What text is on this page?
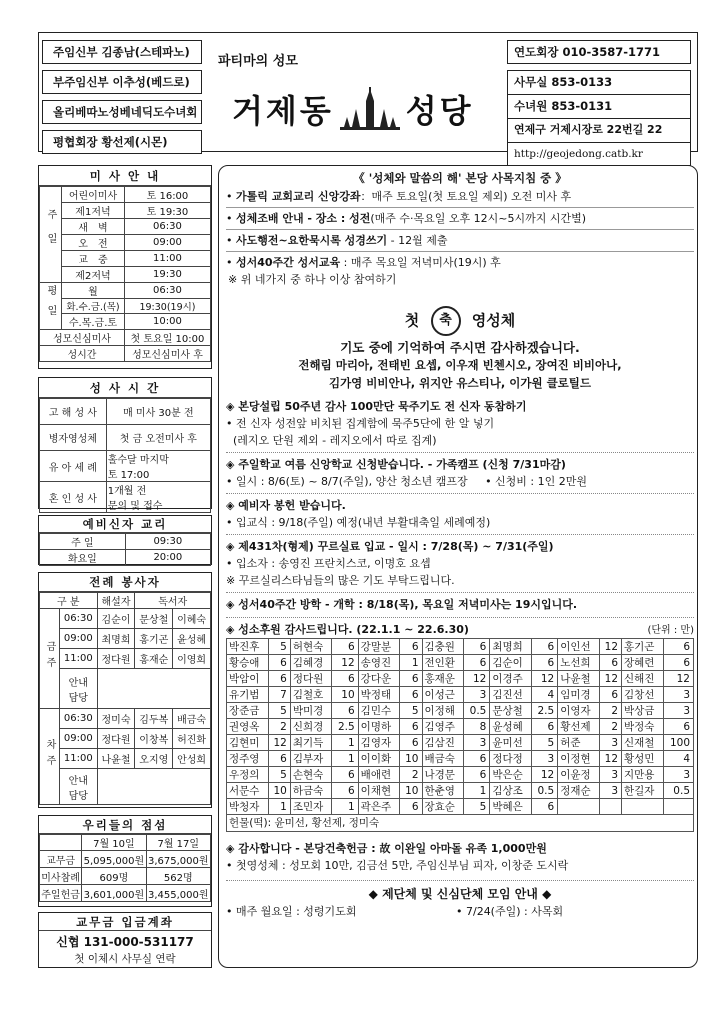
주임신부 김종남(스테파노)
부주임신부 이추성(베드로)
올리베따노성베네딕도수녀회
평협회장 황선제(시몬)
파티마의 성모
거제동 성당
연도회장 010-3587-1771
사무실 853-0133
수녀원 853-0131
연제구 거제시장로 22번길 22
http://geojedong.catb.kr
미 사 안 내
주일	어린이미사	토 16:00
	제1저녁	토 19:30
	새　벽	06:30
	오　전	09:00
	교　중	11:00
	제2저녁	19:30
평일	월	06:30
	화.수.금.(목)	19:30(19시)
	수.목.금.토	10:00
성모신심미사		첫 토요일 10:00
성시간		성모신심미사 후
성 사 시 간
고 해 성 사	매 미사 30분 전
병자영성체	첫 금 오전미사 후
유 아 세 례	홀수달 마지막
토 17:00
혼 인 성 사	1개월 전
문의 및 접수
예비신자 교리
주 일	09:30
화요일	20:00
전례 봉사자
구 분		해설자	독서자	
금주	06:30	김순이	문상철	이혜숙
	09:00	최명희	홍기곤	윤성혜
	11:00	정다원	홍재순	이영희
	안내
담당			
차주	06:30	정미숙	김두복	배금숙
	09:00	정다원	이창복	허진화
	11:00	나윤철	오지영	안성희
	안내
담당			
우리들의 점섬
	7월 10일	7월 17일
교무금	5,095,000원	3,675,000원
미사참례	609명	562명
주일헌금	3,601,000원	3,455,000원
교무금 입금계좌
신협 131-000-531177
첫 이체시 사무실 연락
《 '성체와 말씀의 해' 본당 사목지침 중 》
• 가톨릭 교회교리 신앙강좌：매주 토요일(첫 토요일 제외) 오전 미사 후
• 성체조배 안내 - 장소 : 성전(매주 수·목요일 오후 12시~5시까지 시간별)
• 사도행전~요한묵시록 성경쓰기 - 12월 제출
• 성서40주간 성서교육 : 매주 목요일 저녁미사(19시) 후
※ 위 네가지 중 하나 이상 참여하기
첫 축 영성체
기도 중에 기억하여 주시면 감사하겠습니다.
전해림 마리아, 전태빈 요셉, 이우재 빈첸시오, 장여진 비비아나,
김가영 비비안나, 위지안 유스티나, 이가원 클로틸드
◈ 본당설립 50주년 감사 100만단 묵주기도 전 신자 동참하기
• 전 신자 성전앞 비치된 집계함에 묵주5단에 한 알 넣기
(레지오 단원 제외 - 레지오에서 따로 집계)
◈ 주일학교 여름 신앙학교 신청받습니다. - 가족캠프 (신청 7/31마감)
• 일시 : 8/6(토) ~ 8/7(주일), 양산 청소년 캠프장     • 신청비 : 1인 2만원
◈ 예비자 봉헌 받습니다.
• 입교식 : 9/18(주일) 예정(내년 부활대축일 세례예정)
◈ 제431차(형제) 꾸르실료 입교 - 일시 : 7/28(목) ~ 7/31(주일)
• 입소자 : 송영진 프란치스코, 이명호 요셉
※ 꾸르실리스타님들의 많은 기도 부탁드립니다.
◈ 성서40주간 방학 - 개학 : 8/18(목), 목요일 저녁미사는 19시입니다.
◈ 성소후원 감사드립니다. (22.1.1 ~ 22.6.30)	(단위 : 만)
박진후	5	허현숙	6	강말분	6	김충원	6	최명희	6	이인선	12	홍기곤	6
황승애	6	김혜경	12	송영진	1	전인환	6	김순이	6	노선희	6	장혜련	6
박암이	6	정다원	6	강다운	6	홍재운	12	이경주	12	나윤철	12	신해진	12
유기범	7	김철호	10	박정태	6	이성근	3	김진선	4	임미경	6	김창선	3
장준금	5	박미경	6	김민수	5	이정해	0.5	문상철	2.5	이영자	2	박상금	3
권영옥	2	신희경	2.5	이명하	6	김영주	8	윤성혜	6	황선제	2	박정숙	6
김현미	12	최기득	1	김영자	6	김삼진	3	윤미선	5	허준	3	신재철	100
정주영	6	김부자	1	이이화	10	배금숙	6	정다정	3	이정현	12	황성민	4
우정의	5	손현숙	6	배애련	2	나경문	6	박은순	12	이윤정	3	지만용	3
서문수	10	하금숙	6	이채현	10	한춘영	1	김상조	0.5	정재순	3	한길자	0.5
박청자	1	조민자	1	곽은주	6	장효순	5	박혜은	6				
헌물(떡): 윤미선, 황선제, 정미숙
◈ 감사합니다 - 본당건축헌금 : 故 이완일 아마돌 유족 1,000만원
• 첫영성체 : 성모회 10만, 김금선 5만, 주임신부님 피자, 이창준 도시락
◆ 제단체 및 신심단체 모임 안내 ◆
• 매주 월요일 : 성령기도회	• 7/24(주일) : 사목회
